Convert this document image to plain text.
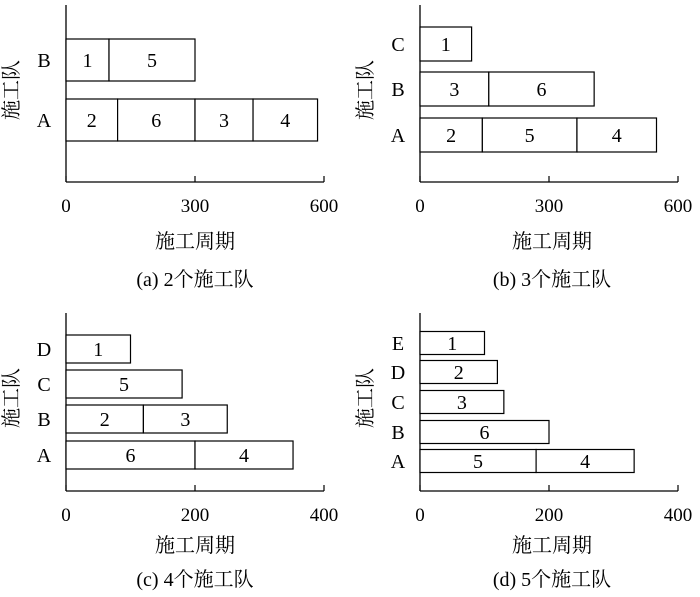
0	300	600
A 2	6	3	4
B 1	5
施工队
施工周期
(a) 2个施工队
0	300	600
A 2	5	4
B 3	6
C 1
施工队
施工周期
(b) 3个施工队
0	200	400
A	6	4
B 2	3
C	5
D 1
施工队
施工周期
(c) 4个施工队
0	200	400
A	5	4
B	6
C	3
D 2
E 1
施工队
施工周期
(d) 5个施工队
